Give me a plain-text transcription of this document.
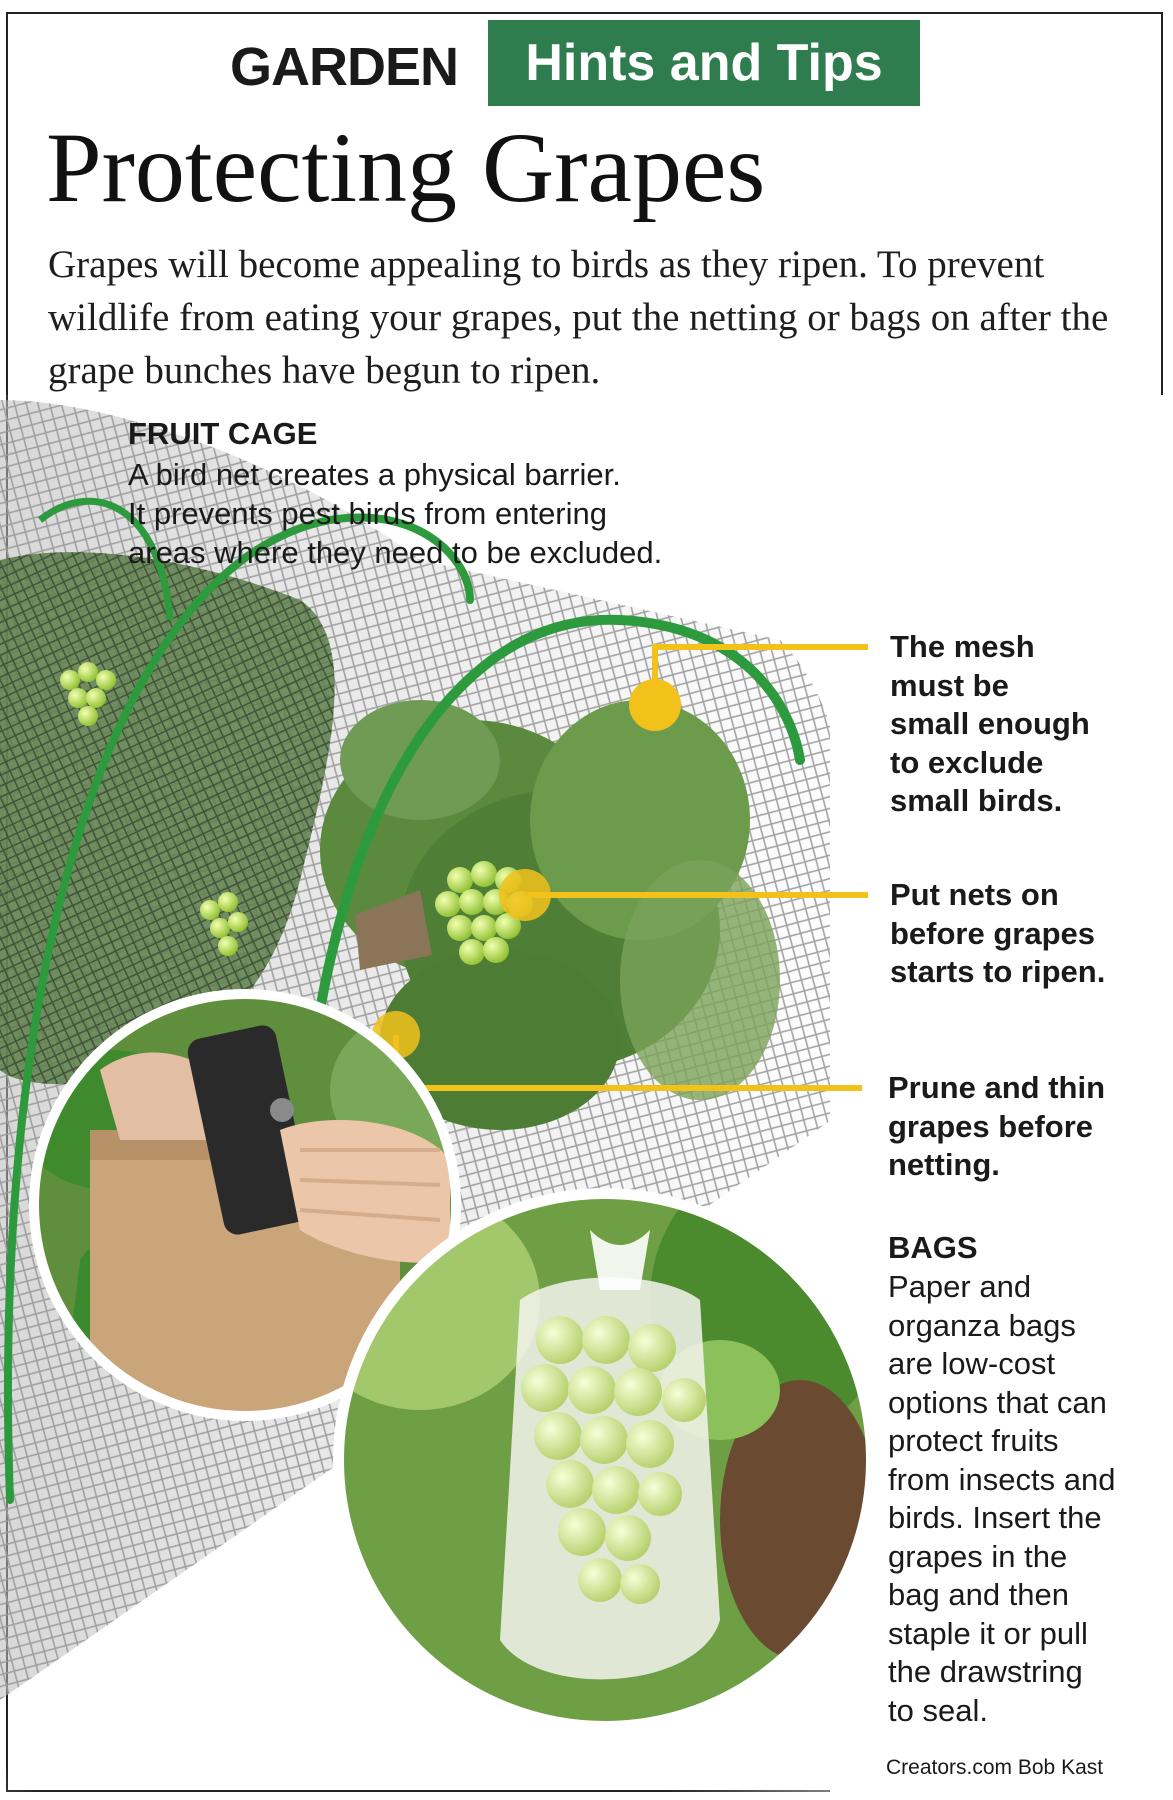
GARDEN Hints and Tips
Protecting Grapes
Grapes will become appealing to birds as they ripen. To prevent wildlife from eating your grapes, put the netting or bags on after the grape bunches have begun to ripen.
FRUIT CAGE
A bird net creates a physical barrier.
It prevents pest birds from entering
areas where they need to be excluded.
The mesh
must be
small enough
to exclude
small birds.
Put nets on
before grapes
starts to ripen.
Prune and thin
grapes before
netting.
BAGS
Paper and
organza bags
are low-cost
options that can
protect fruits
from insects and
birds. Insert the
grapes in the
bag and then
staple it or pull
the drawstring
to seal.
Creators.com Bob Kast
